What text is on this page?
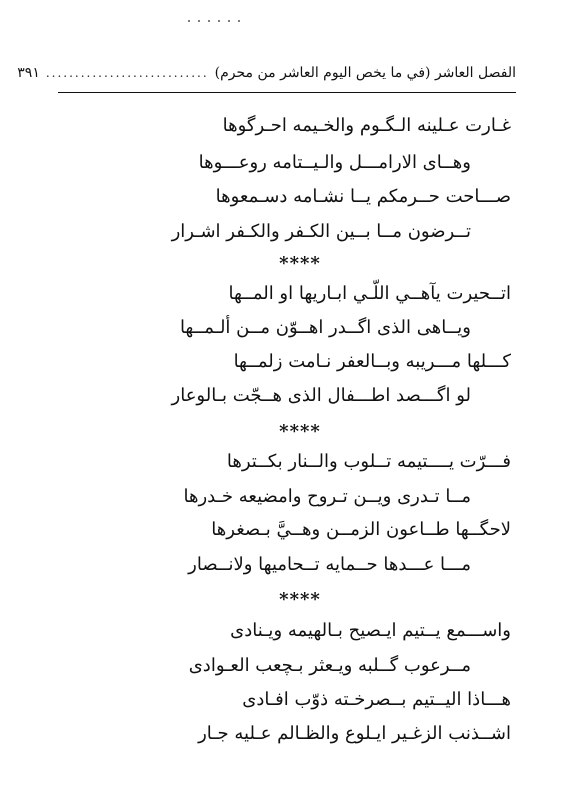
الفصل العاشر (في ما يخص اليوم العاشر من محرم)
............................
٣٩١
غـارت عـلينه الـگـوم والخـيمه احـرگوها
وهــاى الارامـــل والـيــتامه روعـــوها
صـــاحت حــرمكم يــا نشـامه دسـمعوها
تــرضون مــا بــين الكـفر والكـفر اشـرار
****
اتــحيرت يآهــي اللّـي ابـاريها او المــها
ويــاهى الذى اگــدر اهــوّن مــن ألـمــها
كـــلها مـــريبه وبــالعفر نـامت زلمــها
لو اگـــصد اطـــفال الذى هــجّت بـالوعار
****
فـــرّت يــــتيمه تــلوب والــنار بكــترها
مــا تـدرى ويــن تـروح وامضيعه خـدرها
لاحگــها طــاعون الزمــن وهــيَّ بـصغرها
مـــا عـــدها حــمايه تــحاميها ولانــصار
****
واســـمع يــتيم ايـصيح بـالهيمه ويـنادى
مــرعوب گــلبه ويـعثر بـچعب العـوادى
هـــاذا اليــتيم بــصرخـته ذوّب افـادى
اشــذنب الزغـير ايـلوع والظـالم عـليه جـار
